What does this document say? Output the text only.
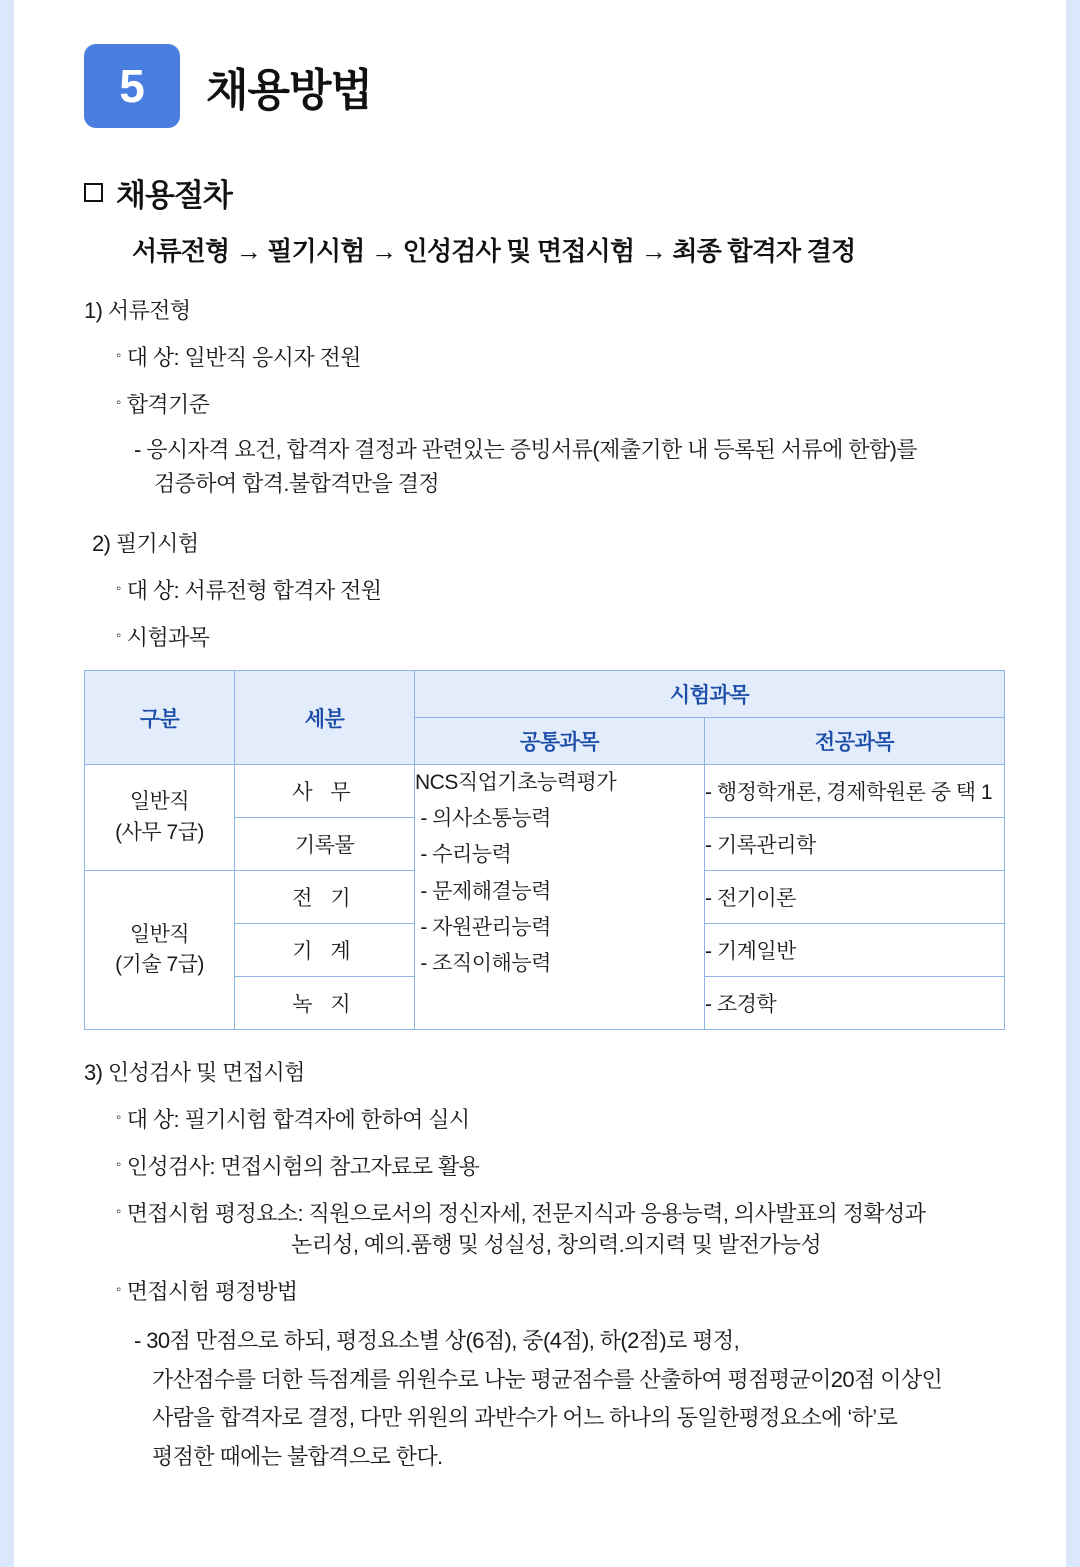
5	채용방법
채용절차
서류전형 → 필기시험 → 인성검사 및 면접시험 → 최종 합격자 결정
1) 서류전형
◦ 대 상: 일반직 응시자 전원
◦ 합격기준
- 응시자격 요건, 합격자 결정과 관련있는 증빙서류(제출기한 내 등록된 서류에 한함)를
검증하여 합격.불합격만을 결정
2) 필기시험
◦ 대 상: 서류전형 합격자 전원
◦ 시험과목
구분	세분	시험과목	
		공통과목	전공과목
일반직
(사무 7급)	사 무	NCS직업기초능력평가
- 의사소통능력
- 수리능력
- 문제해결능력
- 자원관리능력
- 조직이해능력	- 행정학개론, 경제학원론 중 택 1
	기록물		- 기록관리학
일반직
(기술 7급)	전 기		- 전기이론
	기 계		- 기계일반
	녹 지		- 조경학
3) 인성검사 및 면접시험
◦ 대 상: 필기시험 합격자에 한하여 실시
◦ 인성검사: 면접시험의 참고자료로 활용
◦ 면접시험 평정요소: 직원으로서의 정신자세, 전문지식과 응용능력, 의사발표의 정확성과
논리성, 예의.품행 및 성실성, 창의력.의지력 및 발전가능성
◦ 면접시험 평정방법
- 30점 만점으로 하되, 평정요소별 상(6점), 중(4점), 하(2점)로 평정,
가산점수를 더한 득점계를 위원수로 나눈 평균점수를 산출하여 평점평균이20점 이상인
사람을 합격자로 결정, 다만 위원의 과반수가 어느 하나의 동일한평정요소에 ‘하’로
평점한 때에는 불합격으로 한다.
